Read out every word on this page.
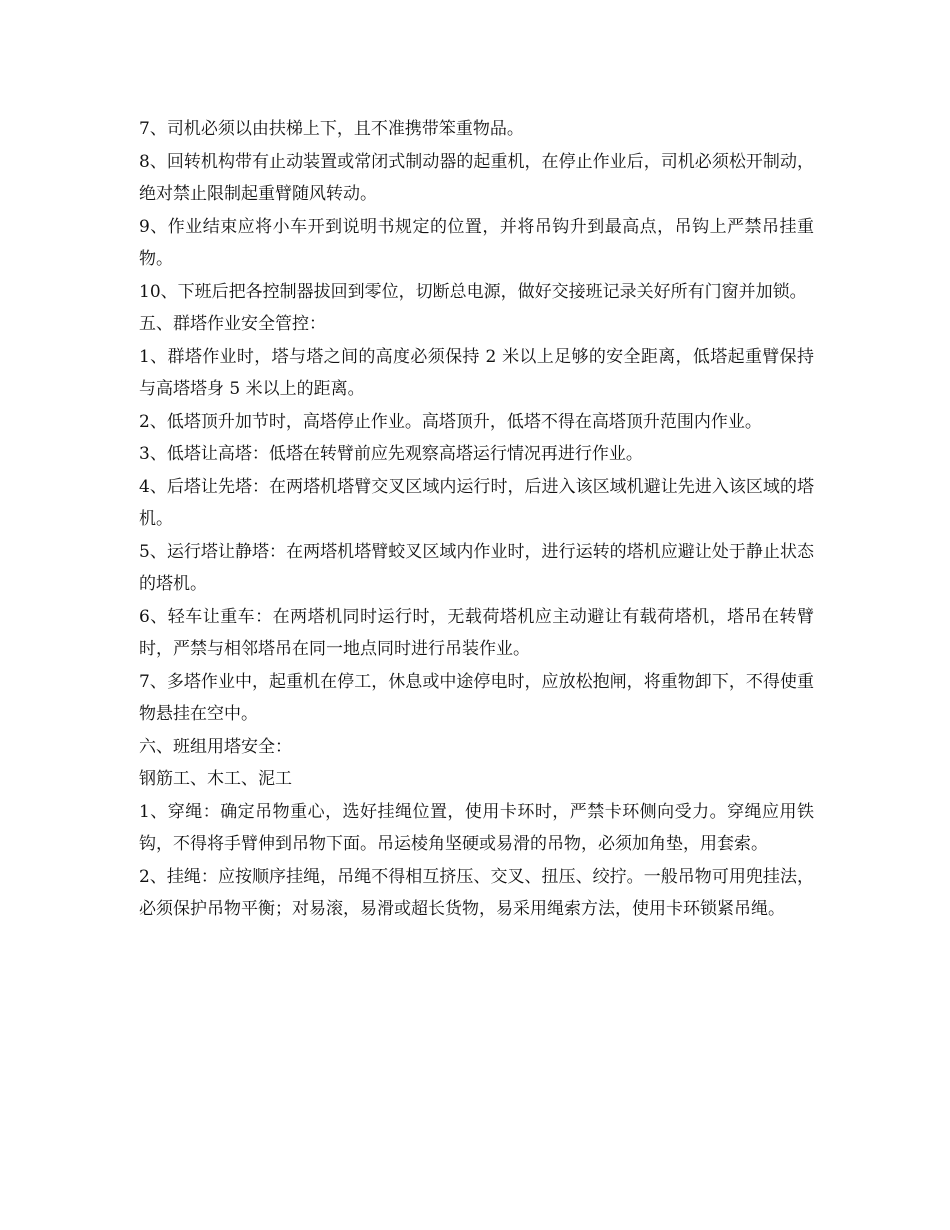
7、司机必须以由扶梯上下，且不准携带笨重物品。

8、回转机构带有止动装置或常闭式制动器的起重机，在停止作业后，司机必须松开制动，绝对禁止限制起重臂随风转动。

9、作业结束应将小车开到说明书规定的位置，并将吊钩升到最高点，吊钩上严禁吊挂重物。

10、下班后把各控制器拔回到零位，切断总电源，做好交接班记录关好所有门窗并加锁。

五、群塔作业安全管控：

1、群塔作业时，塔与塔之间的高度必须保持 2 米以上足够的安全距离，低塔起重臂保持与高塔塔身 5 米以上的距离。

2、低塔顶升加节时，高塔停止作业。高塔顶升，低塔不得在高塔顶升范围内作业。

3、低塔让高塔：低塔在转臂前应先观察高塔运行情况再进行作业。

4、后塔让先塔：在两塔机塔臂交叉区域内运行时，后进入该区域机避让先进入该区域的塔机。

5、运行塔让静塔：在两塔机塔臂蛟叉区域内作业时，进行运转的塔机应避让处于静止状态的塔机。

6、轻车让重车：在两塔机同时运行时，无载荷塔机应主动避让有载荷塔机，塔吊在转臂时，严禁与相邻塔吊在同一地点同时进行吊装作业。

7、多塔作业中，起重机在停工，休息或中途停电时，应放松抱闸，将重物卸下，不得使重物悬挂在空中。

六、班组用塔安全：

钢筋工、木工、泥工

1、穿绳：确定吊物重心，选好挂绳位置，使用卡环时，严禁卡环侧向受力。穿绳应用铁钩，不得将手臂伸到吊物下面。吊运棱角坚硬或易滑的吊物，必须加角垫，用套索。

2、挂绳：应按顺序挂绳，吊绳不得相互挤压、交叉、扭压、绞拧。一般吊物可用兜挂法，必须保护吊物平衡；对易滚，易滑或超长货物，易采用绳索方法，使用卡环锁紧吊绳。
